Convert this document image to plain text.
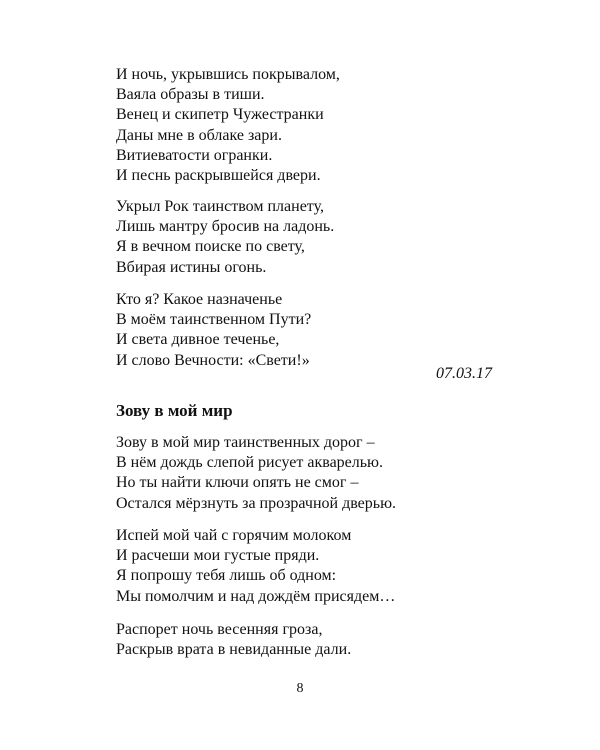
И ночь, укрывшись покрывалом,
Ваяла образы в тиши.
Венец и скипетр Чужестранки
Даны мне в облаке зари.
Витиеватости огранки.
И песнь раскрывшейся двери.
Укрыл Рок таинством планету,
Лишь мантру бросив на ладонь.
Я в вечном поиске по свету,
Вбирая истины огонь.
Кто я? Какое назначенье
В моём таинственном Пути?
И света дивное теченье,
И слово Вечности: «Свети!»
07.03.17
Зову в мой мир
Зову в мой мир таинственных дорог –
В нём дождь слепой рисует акварелью.
Но ты найти ключи опять не смог –
Остался мёрзнуть за прозрачной дверью.
Испей мой чай с горячим молоком
И расчеши мои густые пряди.
Я попрошу тебя лишь об одном:
Мы помолчим и над дождём присядем…
Распорет ночь весенняя гроза,
Раскрыв врата в невиданные дали.
8
